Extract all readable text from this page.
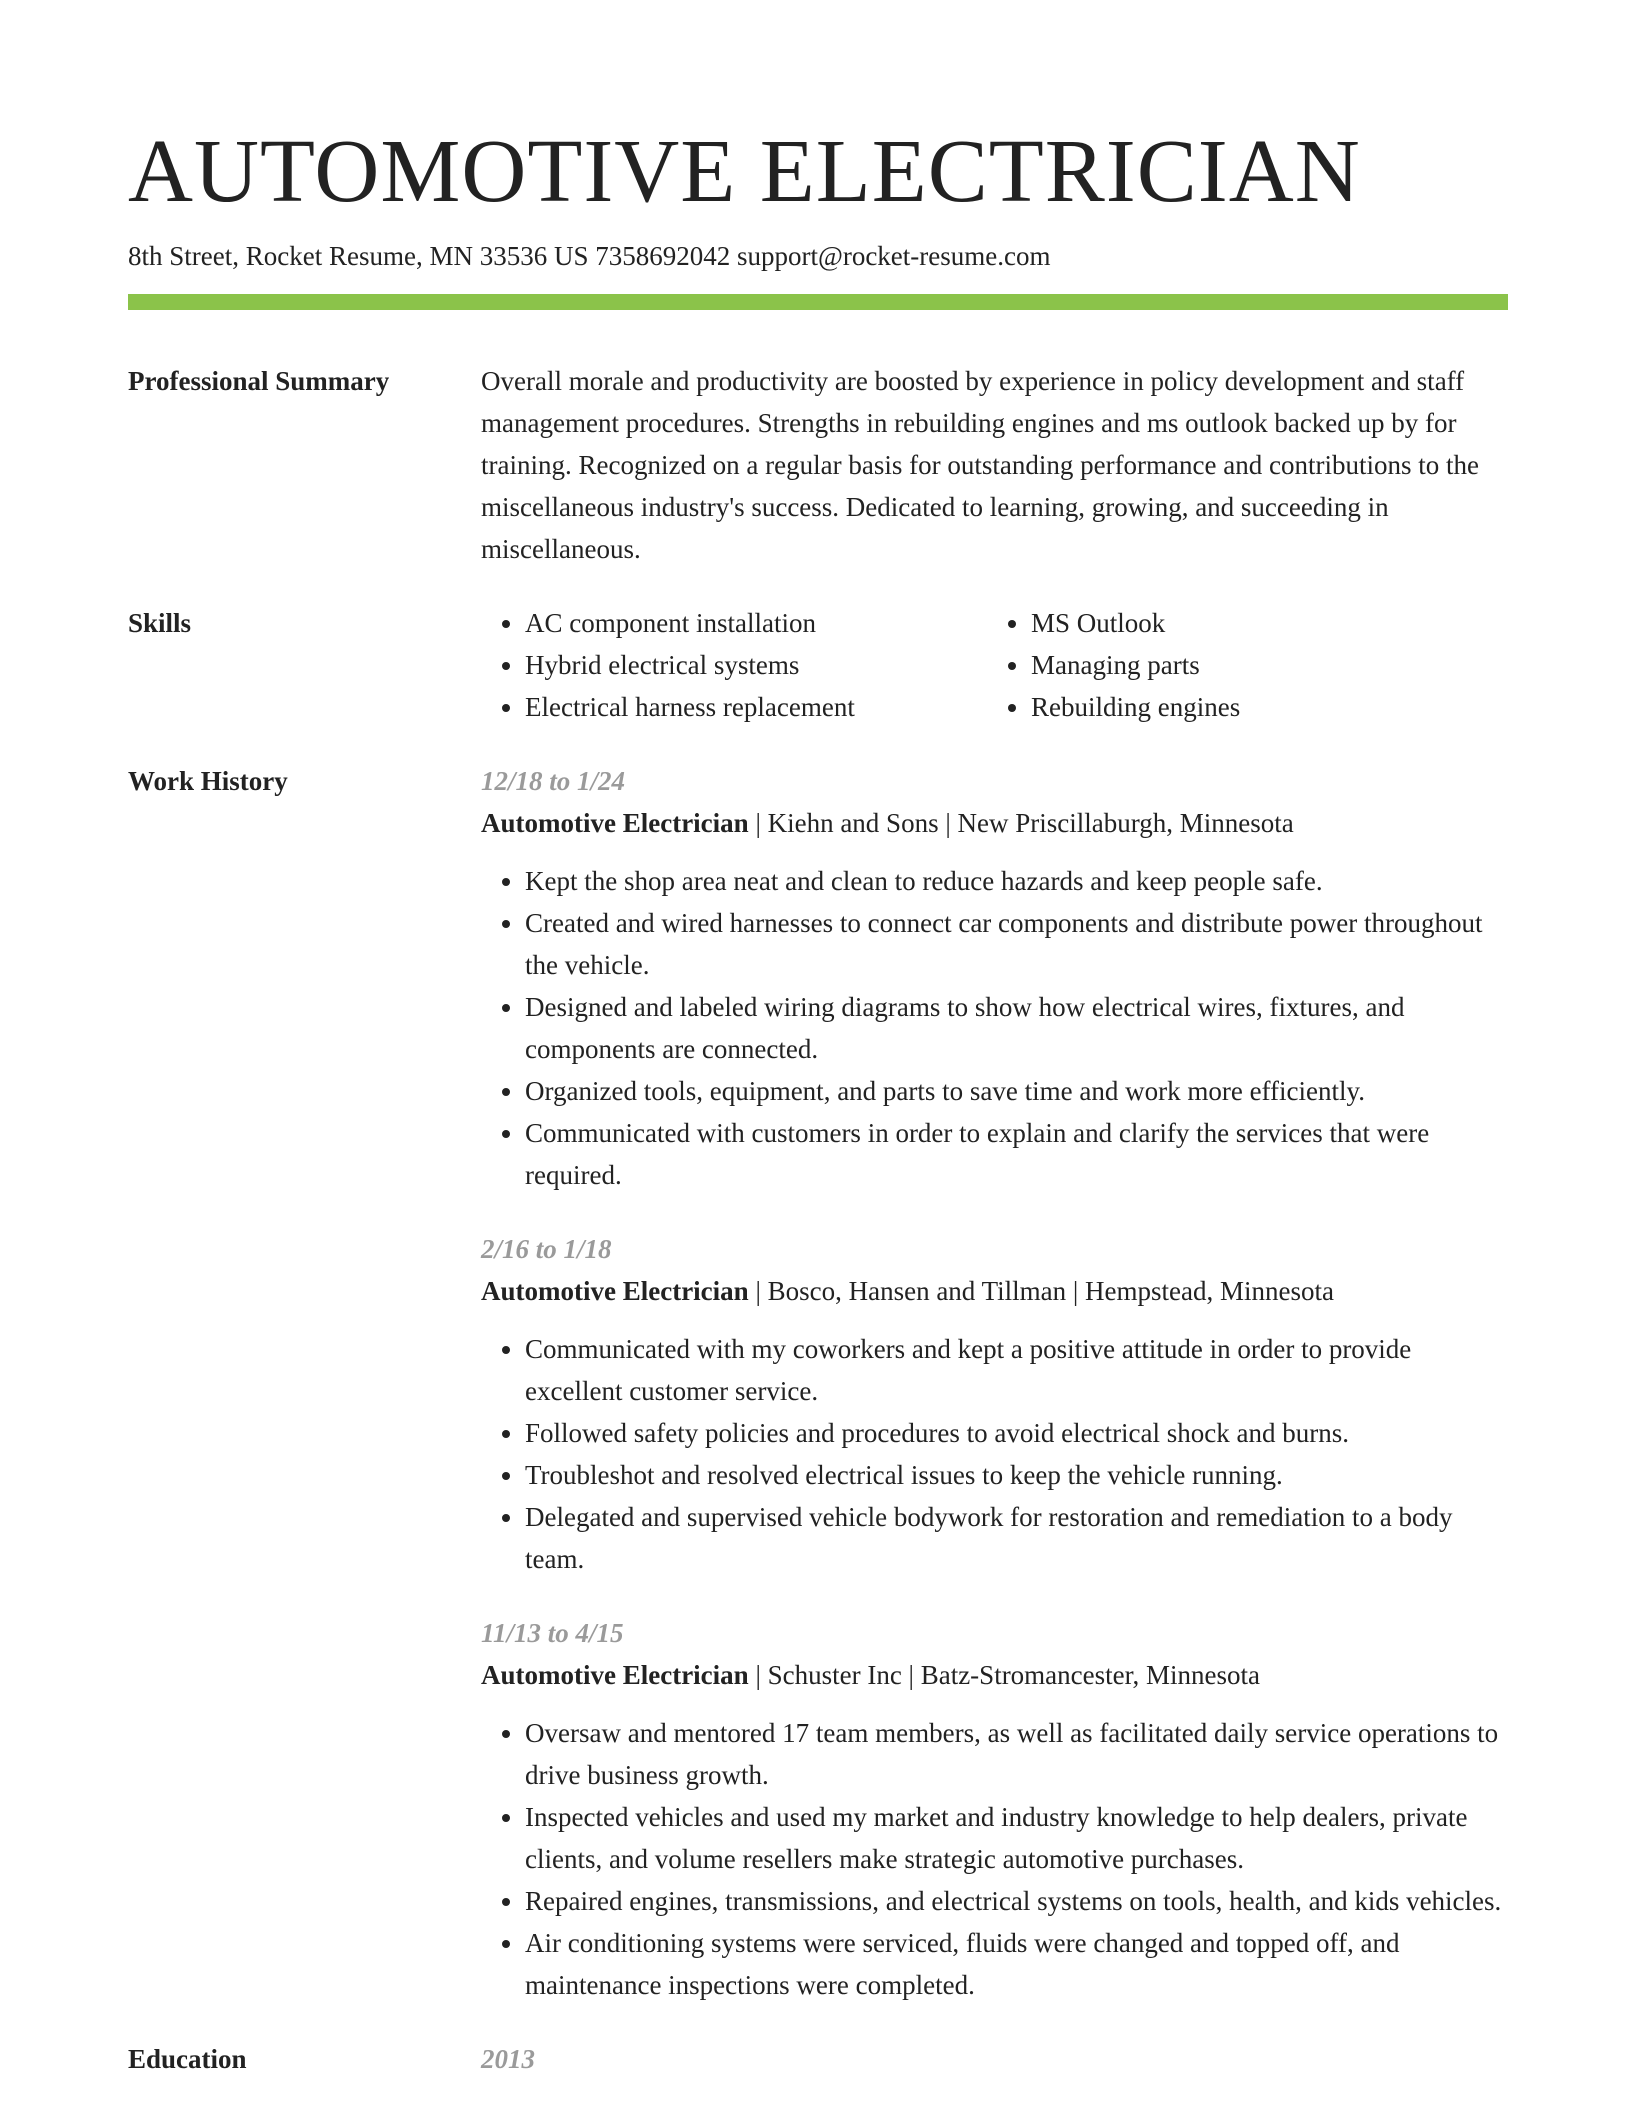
AUTOMOTIVE ELECTRICIAN
8th Street, Rocket Resume, MN 33536 US 7358692042 support@rocket-resume.com
Professional Summary	Overall morale and productivity are boosted by experience in policy development and staff management procedures. Strengths in rebuilding engines and ms outlook backed up by for training. Recognized on a regular basis for outstanding performance and contributions to the miscellaneous industry's success. Dedicated to learning, growing, and succeeding in miscellaneous.
Skills
•	AC component installation
• Hybrid electrical systems
• Electrical harness replacement
• MS Outlook
• Managing parts
• Rebuilding engines
Work History	12/18 to 1/24
Automotive Electrician | Kiehn and Sons | New Priscillaburgh, Minnesota
• Kept the shop area neat and clean to reduce hazards and keep people safe.
• Created and wired harnesses to connect car components and distribute power throughout the vehicle.
• Designed and labeled wiring diagrams to show how electrical wires, fixtures, and components are connected.
• Organized tools, equipment, and parts to save time and work more efficiently.
• Communicated with customers in order to explain and clarify the services that were required.
2/16 to 1/18
Automotive Electrician | Bosco, Hansen and Tillman | Hempstead, Minnesota
• Communicated with my coworkers and kept a positive attitude in order to provide excellent customer service.
• Followed safety policies and procedures to avoid electrical shock and burns.
• Troubleshot and resolved electrical issues to keep the vehicle running.
• Delegated and supervised vehicle bodywork for restoration and remediation to a body team.
11/13 to 4/15
Automotive Electrician | Schuster Inc | Batz-Stromancester, Minnesota
• Oversaw and mentored 17 team members, as well as facilitated daily service operations to drive business growth.
• Inspected vehicles and used my market and industry knowledge to help dealers, private clients, and volume resellers make strategic automotive purchases.
• Repaired engines, transmissions, and electrical systems on tools, health, and kids vehicles.
• Air conditioning systems were serviced, fluids were changed and topped off, and maintenance inspections were completed.
Education	2013
